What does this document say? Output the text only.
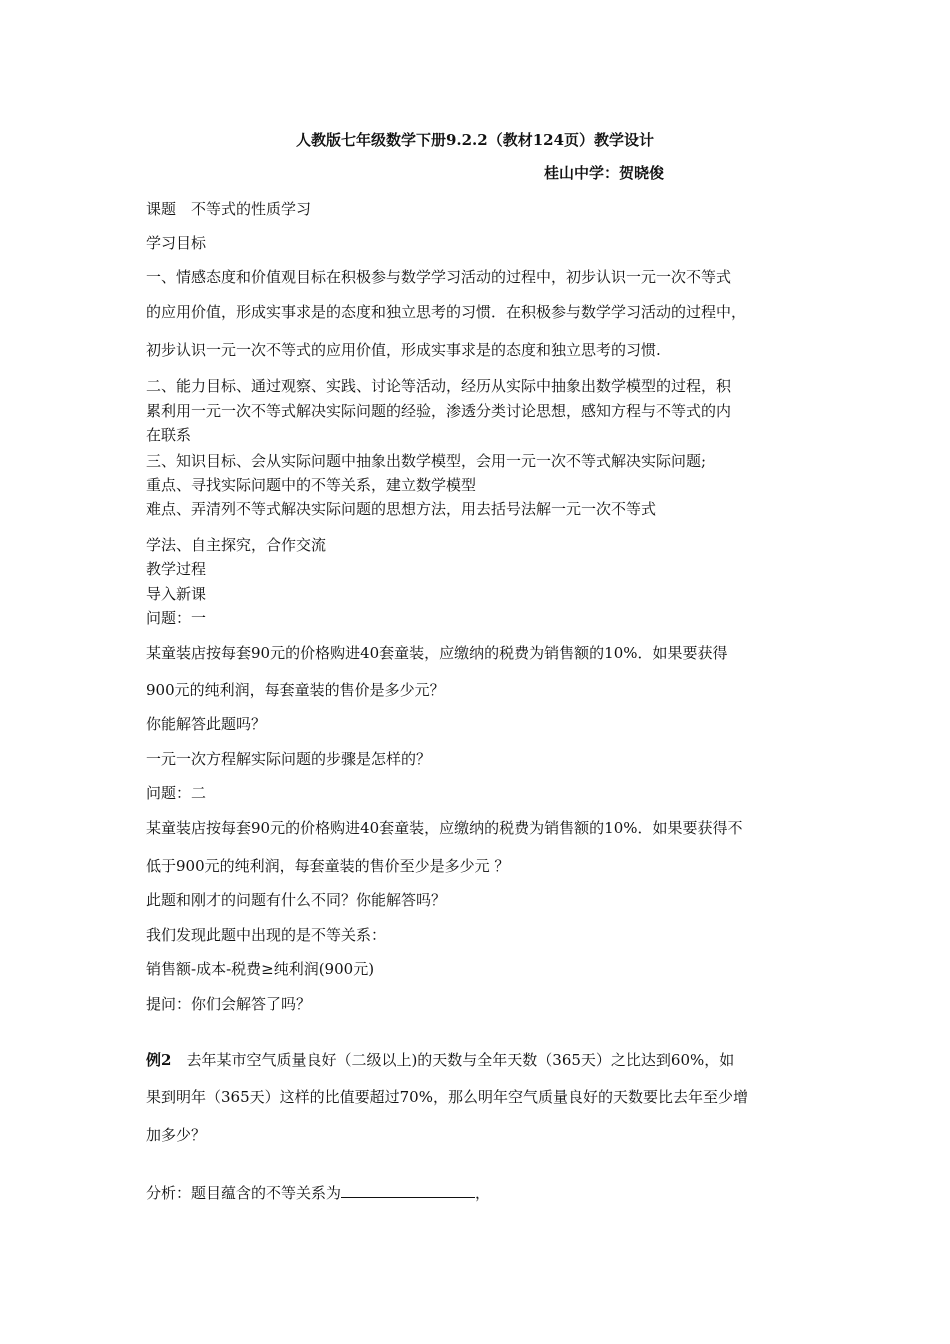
人教版七年级数学下册9.2.2（教材124页）教学设计
桂山中学：贺晓俊
课题　不等式的性质学习
学习目标
一、情感态度和价值观目标在积极参与数学学习活动的过程中，初步认识一元一次不等式
的应用价值，形成实事求是的态度和独立思考的习惯．在积极参与数学学习活动的过程中，
初步认识一元一次不等式的应用价值，形成实事求是的态度和独立思考的习惯.
二、能力目标、通过观察、实践、讨论等活动，经历从实际中抽象出数学模型的过程，积
累利用一元一次不等式解决实际问题的经验，渗透分类讨论思想，感知方程与不等式的内
在联系
三、知识目标、会从实际问题中抽象出数学模型，会用一元一次不等式解决实际问题;
重点、寻找实际问题中的不等关系，建立数学模型
难点、弄清列不等式解决实际问题的思想方法，用去括号法解一元一次不等式
学法、自主探究，合作交流
教学过程
导入新课
问题：一
某童装店按每套90元的价格购进40套童装，应缴纳的税费为销售额的10%．如果要获得
900元的纯利润，每套童装的售价是多少元？
你能解答此题吗？
一元一次方程解实际问题的步骤是怎样的？
问题：二
某童装店按每套90元的价格购进40套童装，应缴纳的税费为销售额的10%．如果要获得不
低于900元的纯利润，每套童装的售价至少是多少元 ？
此题和刚才的问题有什么不同？你能解答吗？
我们发现此题中出现的是不等关系：
销售额-成本-税费≥纯利润(900元)
提问：你们会解答了吗？
例2　去年某市空气质量良好（二级以上)的天数与全年天数（365天）之比达到60%，如
果到明年（365天）这样的比值要超过70%，那么明年空气质量良好的天数要比去年至少增
加多少？
分析：题目蕴含的不等关系为	，
